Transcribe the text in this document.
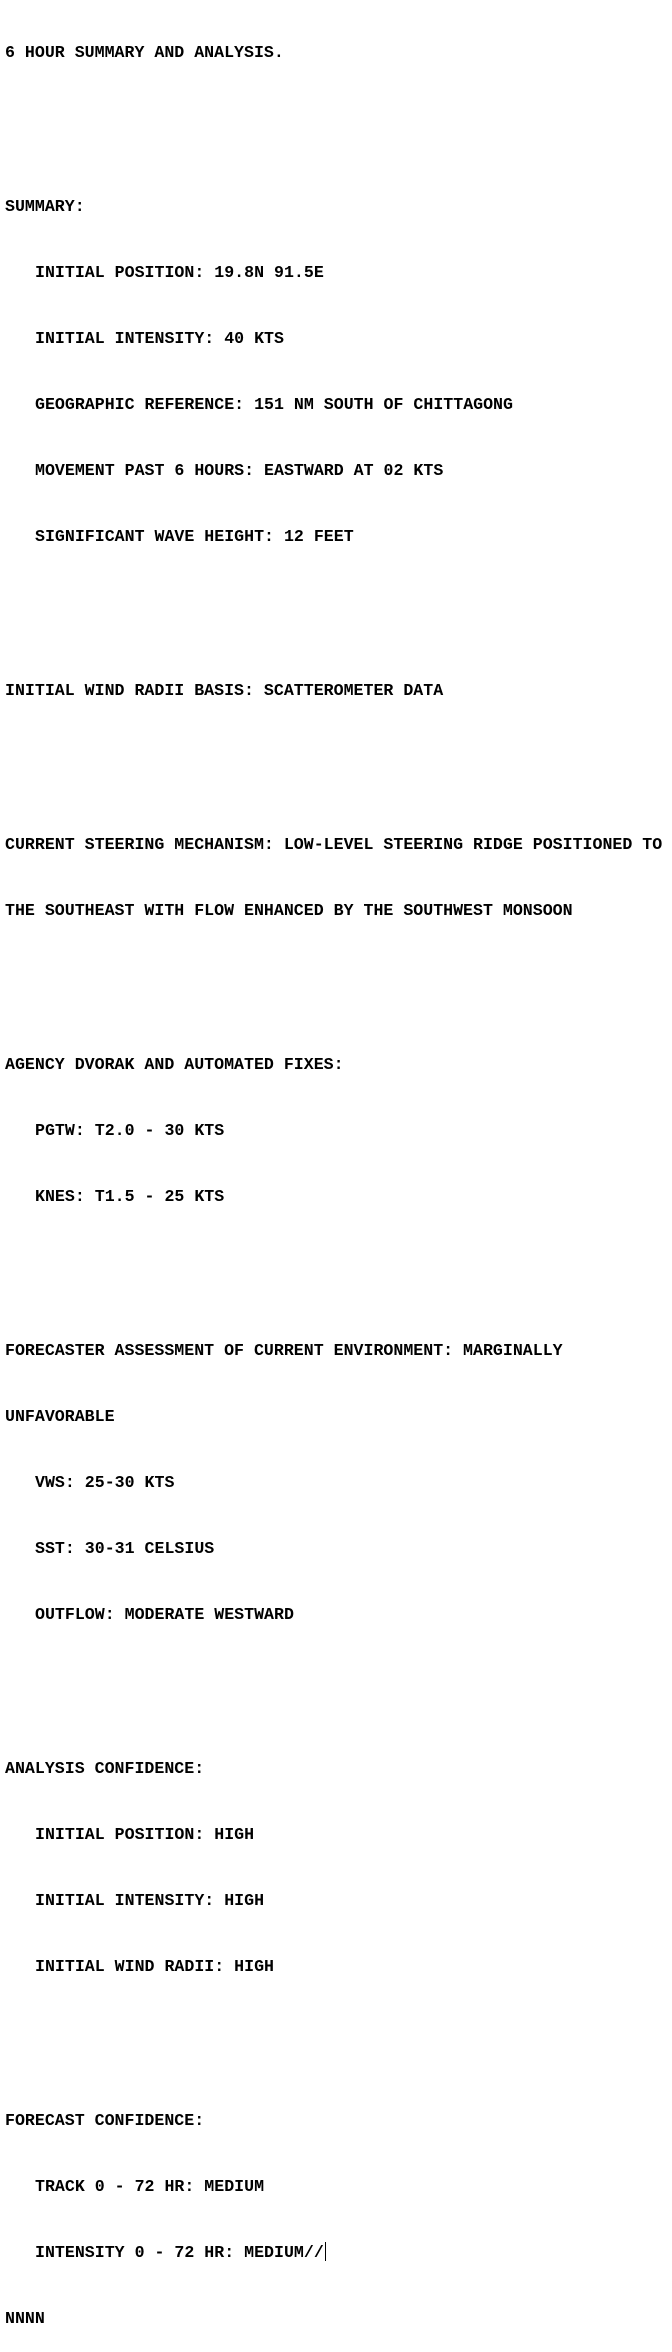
6 HOUR SUMMARY AND ANALYSIS.

SUMMARY:

INITIAL POSITION: 19.8N 91.5E

INITIAL INTENSITY: 40 KTS

GEOGRAPHIC REFERENCE: 151 NM SOUTH OF CHITTAGONG

MOVEMENT PAST 6 HOURS: EASTWARD AT 02 KTS

SIGNIFICANT WAVE HEIGHT: 12 FEET

INITIAL WIND RADII BASIS: SCATTEROMETER DATA

CURRENT STEERING MECHANISM: LOW-LEVEL STEERING RIDGE POSITIONED TO

THE SOUTHEAST WITH FLOW ENHANCED BY THE SOUTHWEST MONSOON

AGENCY DVORAK AND AUTOMATED FIXES:

PGTW: T2.0 - 30 KTS

KNES: T1.5 - 25 KTS

FORECASTER ASSESSMENT OF CURRENT ENVIRONMENT: MARGINALLY

UNFAVORABLE

VWS: 25-30 KTS

SST: 30-31 CELSIUS

OUTFLOW: MODERATE WESTWARD

ANALYSIS CONFIDENCE:

INITIAL POSITION: HIGH

INITIAL INTENSITY: HIGH

INITIAL WIND RADII: HIGH

FORECAST CONFIDENCE:

TRACK 0 - 72 HR: MEDIUM

INTENSITY 0 - 72 HR: MEDIUM//

NNNN
